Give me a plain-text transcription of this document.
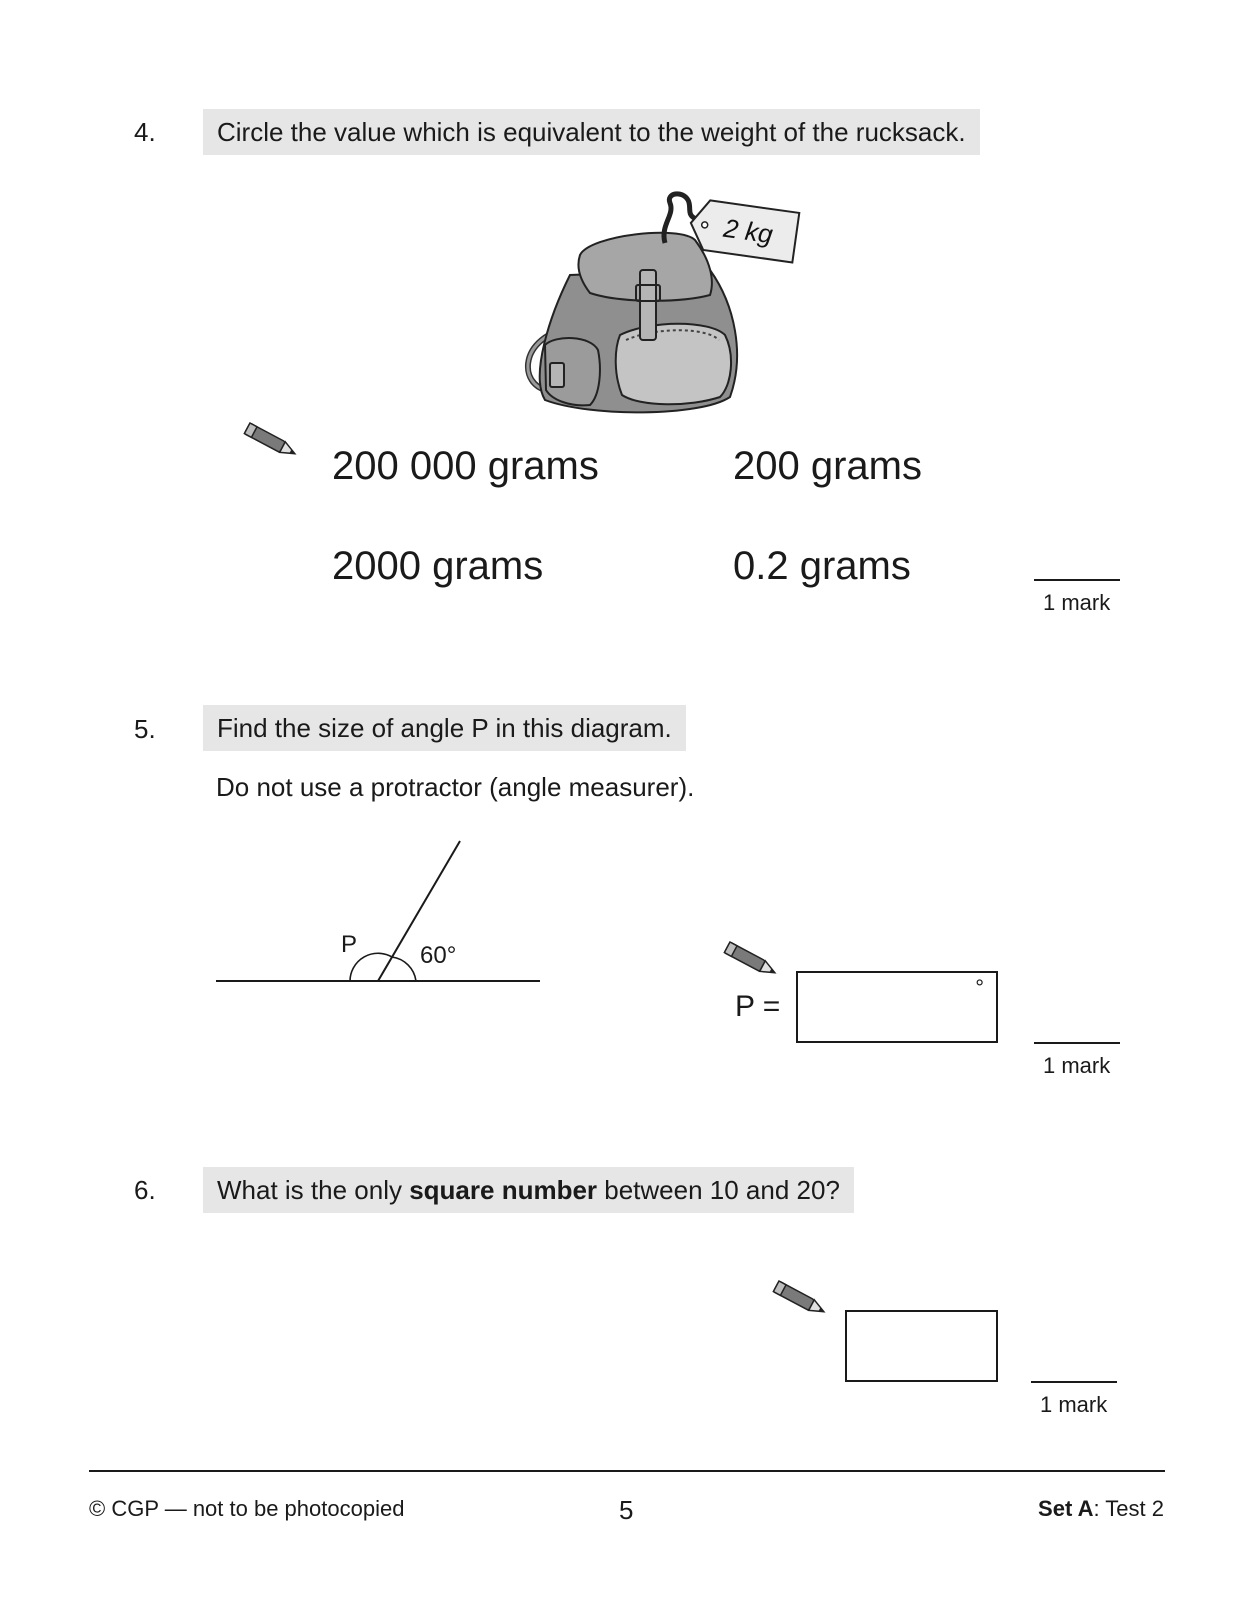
4.	Circle the value which is equivalent to the weight of the rucksack.
2 kg
200 000 grams	200 grams
2000 grams	0.2 grams
1 mark
5.	Find the size of angle P in this diagram.
Do not use a protractor (angle measurer).
P	60°
P =
°
1 mark
6.	What is the only square number between 10 and 20?
1 mark
© CGP — not to be photocopied	5	Set A: Test 2
